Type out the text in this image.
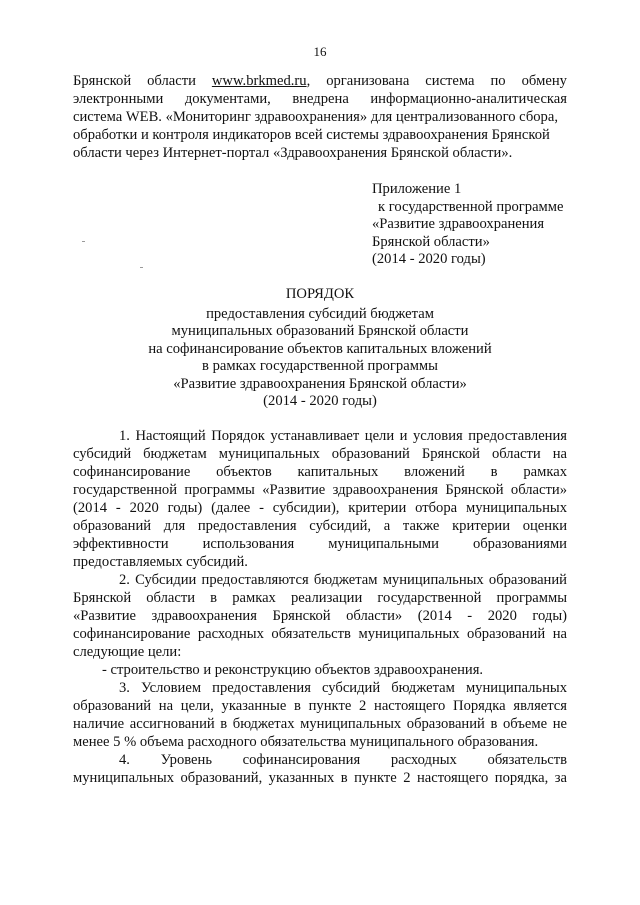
16
Брянской области www.brkmed.ru, организована система по обмену
электронными документами, внедрена информационно-аналитическая
система WEB. «Мониторинг здравоохранения» для централизованного сбора,
обработки и контроля индикаторов всей системы здравоохранения Брянской
области через Интернет-портал «Здравоохранения Брянской области».
Приложение 1
к государственной программе
«Развитие здравоохранения
Брянской области»
(2014 - 2020 годы)
ПОРЯДОК
предоставления субсидий бюджетам
муниципальных образований Брянской области
на софинансирование объектов капитальных вложений
в рамках государственной программы
«Развитие здравоохранения Брянской области»
(2014 - 2020 годы)
1. Настоящий Порядок устанавливает цели и условия предоставления
субсидий бюджетам муниципальных образований Брянской области на
софинансирование объектов капитальных вложений в рамках
государственной программы «Развитие здравоохранения Брянской области»
(2014 - 2020 годы) (далее - субсидии), критерии отбора муниципальных
образований для предоставления субсидий, а также критерии оценки
эффективности использования муниципальными образованиями
предоставляемых субсидий.
2. Субсидии предоставляются бюджетам муниципальных образований
Брянской области в рамках реализации государственной программы
«Развитие здравоохранения Брянской области» (2014 - 2020 годы)
софинансирование расходных обязательств муниципальных образований на
следующие цели:
- строительство и реконструкцию объектов здравоохранения.
3. Условием предоставления субсидий бюджетам муниципальных
образований на цели, указанные в пункте 2 настоящего Порядка является
наличие ассигнований в бюджетах муниципальных образований в объеме не
менее 5 % объема расходного обязательства муниципального образования.
4. Уровень софинансирования расходных обязательств
муниципальных образований, указанных в пункте 2 настоящего порядка, за
